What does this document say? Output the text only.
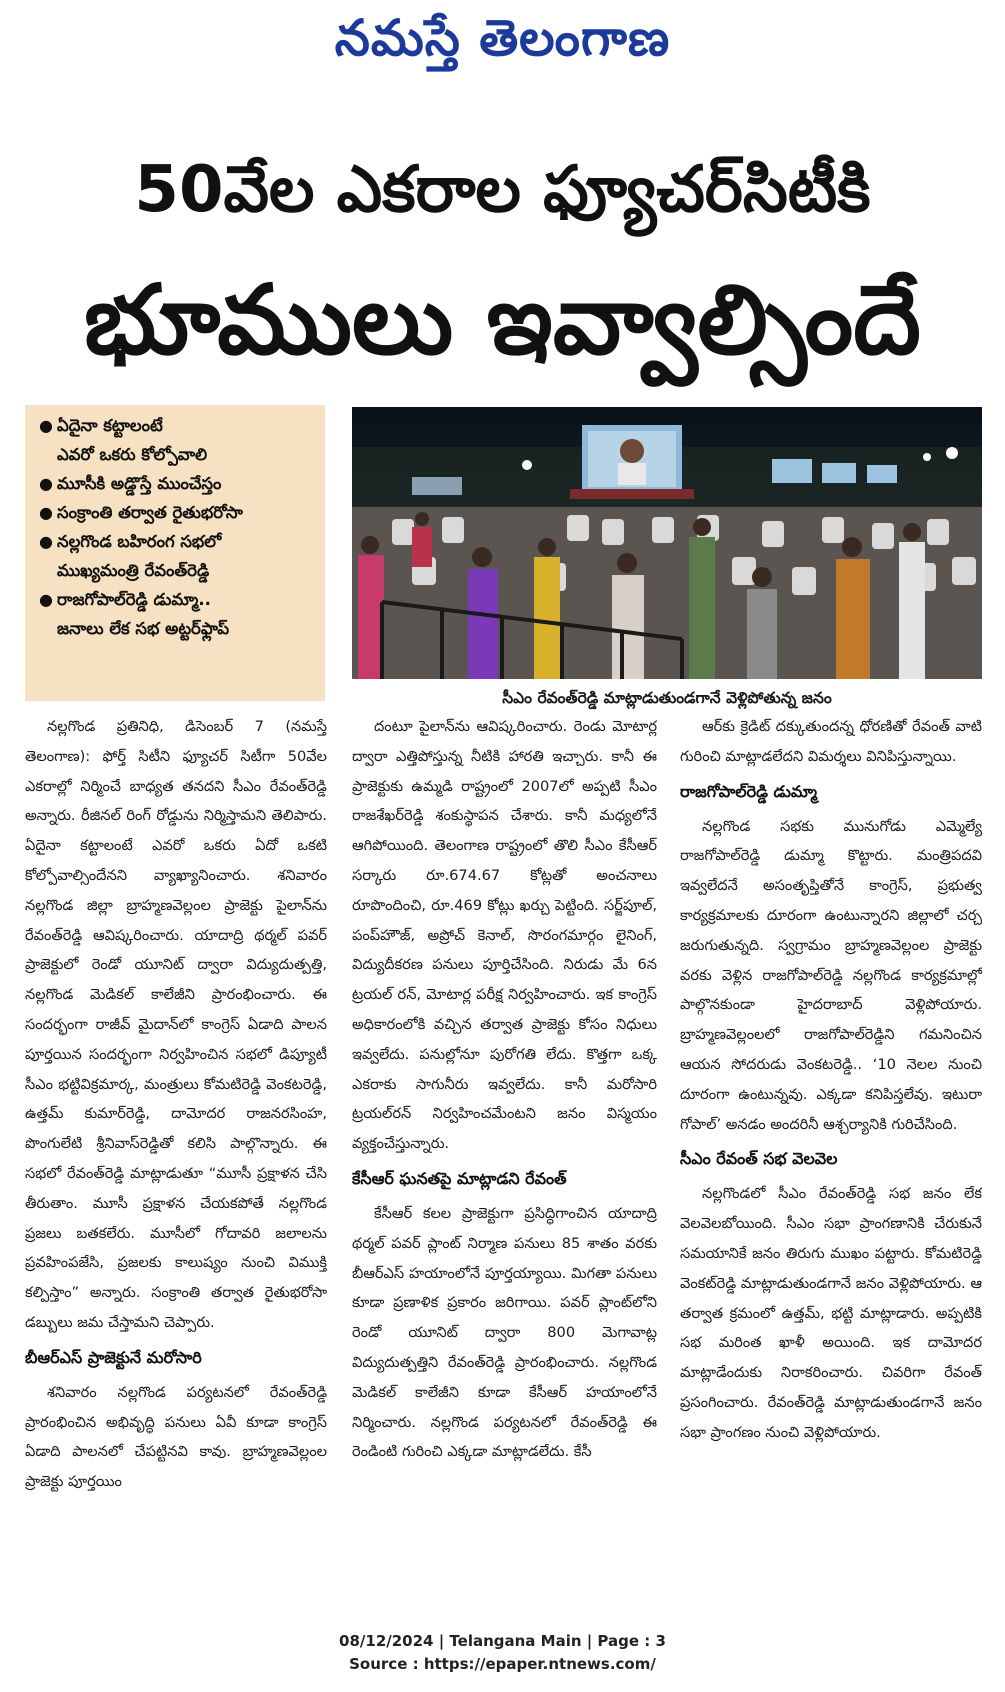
నమస్తే తెలంగాణ
50వేల ఎకరాల ఫ్యూచర్‌సిటీకి
భూములు ఇవ్వాల్సిందే
● ఏదైనా కట్టాలంటే
ఎవరో ఒకరు కోల్పోవాలి
● మూసీకి అడ్డొస్తే ముంచేస్తం
● సంక్రాంతి తర్వాత రైతుభరోసా
● నల్లగొండ బహిరంగ సభలో
ముఖ్యమంత్రి రేవంత్‌రెడ్డి
● రాజగోపాల్‌రెడ్డి డుమ్మా..
జనాలు లేక సభ అట్టర్‌ఫ్లాప్
సీఎం రేవంత్‌రెడ్డి మాట్లాడుతుండగానే వెళ్లిపోతున్న జనం

నల్లగొండ ప్రతినిధి, డిసెంబర్ 7 (నమస్తే తెలంగాణ): ఫోర్త్ సిటీని ఫ్యూచర్ సిటీగా 50వేల ఎకరాల్లో నిర్మించే బాధ్యత తనదని సీఎం రేవంత్‌రెడ్డి అన్నారు. రీజినల్ రింగ్ రోడ్డును నిర్మిస్తామని తెలిపారు. ఏదైనా కట్టాలంటే ఎవరో ఒకరు ఏదో ఒకటి కోల్పోవాల్సిందేనని వ్యాఖ్యానించారు. శనివారం నల్లగొండ జిల్లా బ్రాహ్మణవెల్లంల ప్రాజెక్టు పైలాన్‌ను రేవంత్‌రెడ్డి ఆవిష్కరించారు. యాదాద్రి థర్మల్ పవర్ ప్రాజెక్టులో రెండో యూనిట్ ద్వారా విద్యుదుత్పత్తి, నల్లగొండ మెడికల్ కాలేజీని ప్రారంభించారు. ఈ సందర్భంగా రాజీవ్ మైదాన్‌లో కాంగ్రెస్ ఏడాది పాలన పూర్తయిన సందర్భంగా నిర్వహించిన సభలో డిప్యూటీ సీఎం భట్టివిక్రమార్క, మంత్రులు కోమటిరెడ్డి వెంకటరెడ్డి, ఉత్తమ్ కుమార్‌రెడ్డి, దామోదర రాజనరసింహ, పొంగులేటి శ్రీనివాస్‌రెడ్డితో కలిసి పాల్గొన్నారు. ఈ సభలో రేవంత్‌రెడ్డి మాట్లాడుతూ “మూసీ ప్రక్షాళన చేసి తీరుతాం. మూసీ ప్రక్షాళన చేయకపోతే నల్లగొండ ప్రజలు బతకలేరు. మూసీలో గోదావరి జలాలను ప్రవహింపజేసి, ప్రజలకు కాలుష్యం నుంచి విముక్తి కల్పిస్తాం” అన్నారు. సంక్రాంతి తర్వాత రైతుభరోసా డబ్బులు జమ చేస్తామని చెప్పారు.

బీఆర్‌ఎస్ ప్రాజెక్టునే మరోసారి

శనివారం నల్లగొండ పర్యటనలో రేవంత్‌రెడ్డి ప్రారంభించిన అభివృద్ధి పనులు ఏవీ కూడా కాంగ్రెస్ ఏడాది పాలనలో చేపట్టినవి కావు. బ్రాహ్మణవెల్లంల ప్రాజెక్టు పూర్తయిం

దంటూ పైలాన్‌ను ఆవిష్కరించారు. రెండు మోటార్ల ద్వారా ఎత్తిపోస్తున్న నీటికి హారతి ఇచ్చారు. కానీ ఈ ప్రాజెక్టుకు ఉమ్మడి రాష్ట్రంలో 2007లో అప్పటి సీఎం రాజశేఖర్‌రెడ్డి శంకుస్థాపన చేశారు. కానీ మధ్యలోనే ఆగిపోయింది. తెలంగాణ రాష్ట్రంలో తొలి సీఎం కేసీఆర్ సర్కారు రూ.674.67 కోట్లతో అంచనాలు రూపొందించి, రూ.469 కోట్లు ఖర్చు పెట్టింది. సర్జ్‌పూల్, పంప్‌హౌజ్, అప్రోచ్ కెనాల్, సొరంగమార్గం లైనింగ్, విద్యుదీకరణ పనులు పూర్తిచేసింది. నిరుడు మే 6న ట్రయల్ రన్, మోటార్ల పరీక్ష నిర్వహించారు. ఇక కాంగ్రెస్ అధికారంలోకి వచ్చిన తర్వాత ప్రాజెక్టు కోసం నిధులు ఇవ్వలేదు. పనుల్లోనూ పురోగతి లేదు. కొత్తగా ఒక్క ఎకరాకు సాగునీరు ఇవ్వలేదు. కానీ మరోసారి ట్రయల్‌రన్ నిర్వహించమేంటని జనం విస్మయం వ్యక్తంచేస్తున్నారు.

కేసీఆర్ ఘనతపై మాట్లాడని రేవంత్

కేసీఆర్ కలల ప్రాజెక్టుగా ప్రసిద్ధిగాంచిన యాదాద్రి థర్మల్ పవర్ ప్లాంట్ నిర్మాణ పనులు 85 శాతం వరకు బీఆర్‌ఎస్ హయాంలోనే పూర్తయ్యాయి. మిగతా పనులు కూడా ప్రణాళిక ప్రకారం జరిగాయి. పవర్ ప్లాంట్‌లోని రెండో యూనిట్ ద్వారా 800 మెగావాట్ల విద్యుదుత్పత్తిని రేవంత్‌రెడ్డి ప్రారంభించారు. నల్లగొండ మెడికల్ కాలేజీని కూడా కేసీఆర్ హయాంలోనే నిర్మించారు. నల్లగొండ పర్యటనలో రేవంత్‌రెడ్డి ఈ రెండింటి గురించి ఎక్కడా మాట్లాడలేదు. కేసీ

ఆర్‌కు క్రెడిట్ దక్కుతుందన్న ధోరణితో రేవంత్ వాటి గురించి మాట్లాడలేదని విమర్శలు వినిపిస్తున్నాయి.

రాజగోపాల్‌రెడ్డి డుమ్మా

నల్లగొండ సభకు మునుగోడు ఎమ్మెల్యే రాజగోపాల్‌రెడ్డి డుమ్మా కొట్టారు. మంత్రిపదవి ఇవ్వలేదనే అసంతృప్తితోనే కాంగ్రెస్, ప్రభుత్వ కార్యక్రమాలకు దూరంగా ఉంటున్నారని జిల్లాలో చర్చ జరుగుతున్నది. స్వగ్రామం బ్రాహ్మణవెల్లంల ప్రాజెక్టు వరకు వెళ్లిన రాజగోపాల్‌రెడ్డి నల్లగొండ కార్యక్రమాల్లో పాల్గొనకుండా హైదరాబాద్ వెళ్లిపోయారు. బ్రాహ్మణవెల్లంలలో రాజగోపాల్‌రెడ్డిని గమనించిన ఆయన సోదరుడు వెంకటరెడ్డి.. ‘10 నెలల నుంచి దూరంగా ఉంటున్నవు. ఎక్కడా కనిపిస్తలేవు. ఇటురా గోపాల్’ అనడం అందరినీ ఆశ్చర్యానికి గురిచేసింది.

సీఎం రేవంత్ సభ వెలవెల

నల్లగొండలో సీఎం రేవంత్‌రెడ్డి సభ జనం లేక వెలవెలబోయింది. సీఎం సభా ప్రాంగణానికి చేరుకునే సమయానికే జనం తిరుగు ముఖం పట్టారు. కోమటిరెడ్డి వెంకట్‌రెడ్డి మాట్లాడుతుండగానే జనం వెళ్లిపోయారు. ఆ తర్వాత క్రమంలో ఉత్తమ్, భట్టి మాట్లాడారు. అప్పటికి సభ మరింత ఖాళీ అయింది. ఇక దామోదర మాట్లాడేందుకు నిరాకరించారు. చివరిగా రేవంత్ ప్రసంగించారు. రేవంత్‌రెడ్డి మాట్లాడుతుండగానే జనం సభా ప్రాంగణం నుంచి వెళ్లిపోయారు.

08/12/2024 | Telangana Main | Page : 3
Source : https://epaper.ntnews.com/
